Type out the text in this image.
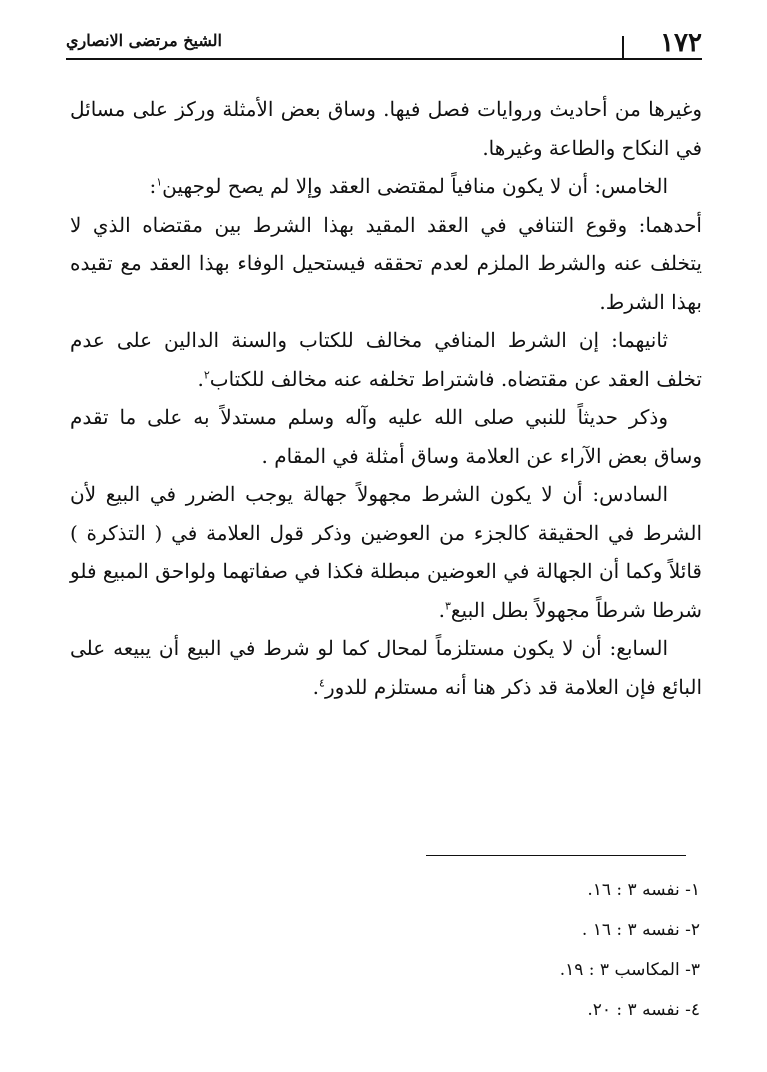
١٧٢
الشيخ مرتضى الانصاري

وغيرها من أحاديث وروايات فصل فيها. وساق بعض الأمثلة وركز على مسائل في النكاح والطاعة وغيرها.

الخامس: أن لا يكون منافياً لمقتضى العقد وإلا لم يصح لوجهين$^١$:

أحدهما: وقوع التنافي في العقد المقيد بهذا الشرط بين مقتضاه الذي لا يتخلف عنه والشرط الملزم لعدم تحققه فيستحيل الوفاء بهذا العقد مع تقيده بهذا الشرط.

ثانيهما: إن الشرط المنافي مخالف للكتاب والسنة الدالين على عدم تخلف العقد عن مقتضاه. فاشتراط تخلفه عنه مخالف للكتاب$^٢$.

وذكر حديثاً للنبي صلى الله عليه وآله وسلم مستدلاً به على ما تقدم وساق بعض الآراء عن العلامة وساق أمثلة في المقام .

السادس: أن لا يكون الشرط مجهولاً جهالة يوجب الضرر في البيع لأن الشرط في الحقيقة كالجزء من العوضين وذكر قول العلامة في ( التذكرة ) قائلاً وكما أن الجهالة في العوضين مبطلة فكذا في صفاتهما ولواحق المبيع فلو شرطا شرطاً مجهولاً بطل البيع$^٣$.

السابع: أن لا يكون مستلزماً لمحال كما لو شرط في البيع أن يبيعه على البائع فإن العلامة قد ذكر هنا أنه مستلزم للدور$^٤$.

١- نفسه ٣ : ١٦.

٢- نفسه ٣ : ١٦ .

٣- المكاسب ٣ : ١٩.

٤- نفسه ٣ : ٢٠.
